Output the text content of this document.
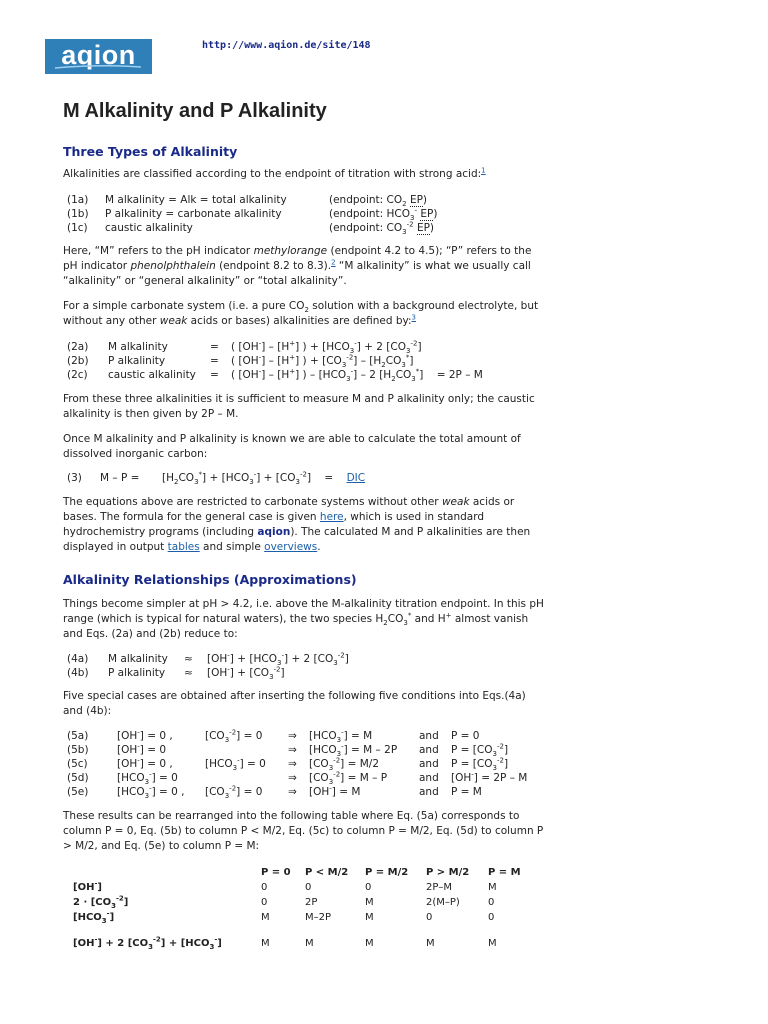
aqion	http://www.aqion.de/site/148
M Alkalinity and P Alkalinity
Three Types of Alkalinity

Alkalinities are classified according to the endpoint of titration with strong acid:$^1$

(1a) M alkalinity = Alk = total alkalinity	(endpoint: $CO_2$ EP)
(1b) P alkalinity = carbonate alkalinity	(endpoint: $HCO_3^-$ EP)
(1c) caustic alkalinity	(endpoint: $CO_3^{-2}$ EP)

Here, “M” refers to the pH indicator methylorange (endpoint 4.2 to 4.5); “P” refers to the pH indicator phenolphthalein (endpoint 8.2 to 8.3).$^2$ “M alkalinity” is what we usually call “alkalinity” or “general alkalinity” or “total alkalinity”.

For a simple carbonate system (i.e. a pure $CO_2$ solution with a background electrolyte, but without any other weak acids or bases) alkalinities are defined by:$^3$

(2a) M alkalinity	= ( [OH-] – [H+] ) + $[HCO_3^-] + 2$ $[CO_3^{-2}]$
(2b) P alkalinity	= ( [OH-] – [H+] ) + $[CO_3^{-2}] - [H_2CO_3^*]$
(2c) caustic alkalinity = ( [OH-] – [H+] ) – $[HCO_3^-] - 2$ $[H_2CO_3^*]$    = 2P – M

From these three alkalinities it is sufficient to measure M and P alkalinity only; the caustic alkalinity is then given by 2P – M.

Once M alkalinity and P alkalinity is known we are able to calculate the total amount of dissolved inorganic carbon:

(3) $M - P = [H_2CO_3^*] + [HCO_3^-] + [CO_3^{-2}]$    = DIC

The equations above are restricted to carbonate systems without other weak acids or bases. The formula for the general case is given here, which is used in standard hydrochemistry programs (including aqion). The calculated M and P alkalinities are then displayed in output tables and simple overviews.

Alkalinity Relationships (Approximations)

Things become simpler at pH > 4.2, i.e. above the M-alkalinity titration endpoint. In this pH range (which is typical for natural waters), the two species $H_2CO_3^*$ and H+ almost vanish and Eqs. (2a) and (2b) reduce to:

(4a) M alkalinity ≈ $[OH^-] + [HCO_3^-] + 2$ $[CO_3^{-2}]$
(4b) P alkalinity ≈ $[OH^-] + [CO_3^{-2}]$

Five special cases are obtained after inserting the following five conditions into Eqs.(4a) and (4b):

(5a)	[OH-] = 0 ,	$[CO_3^{-2}] = 0$ ⇒ $[HCO_3^-] = M$	and P = 0
(5b)	[OH-] = 0	⇒ $[HCO_3^-] = M - 2P$ and $P = [CO_3^{-2}]$
(5c)	[OH-] = 0 ,	$[HCO_3^-] = 0$ ⇒ $[CO_3^{-2}] = M/2$	and $P = [CO_3^{-2}]$
(5d)	$[HCO_3^-] = 0$	⇒ $[CO_3^{-2}] = M - P$	and [OH-] = 2P – M
(5e)	$[HCO_3^-] = 0$ , $[CO_3^{-2}] = 0$ ⇒ [OH-] = M	and P = M

These results can be rearranged into the following table where Eq. (5a) corresponds to column P = 0, Eq. (5b) to column P < M/2, Eq. (5c) to column P = M/2, Eq. (5d) to column P > M/2, and Eq. (5e) to column P = M:

	P = 0	P < M/2	P = M/2	P > M/2	P = M
[OH-]	0	0	0	2P–M	M
$2 \cdot [CO_3^{-2}]$	0	2P	M	2(M–P)	0
$[HCO_3^-]$	M	M–2P	M	0	0
[OH-] + 2 $[CO_3^{-2}] + [HCO_3^-]$	M	M	M	M	M
